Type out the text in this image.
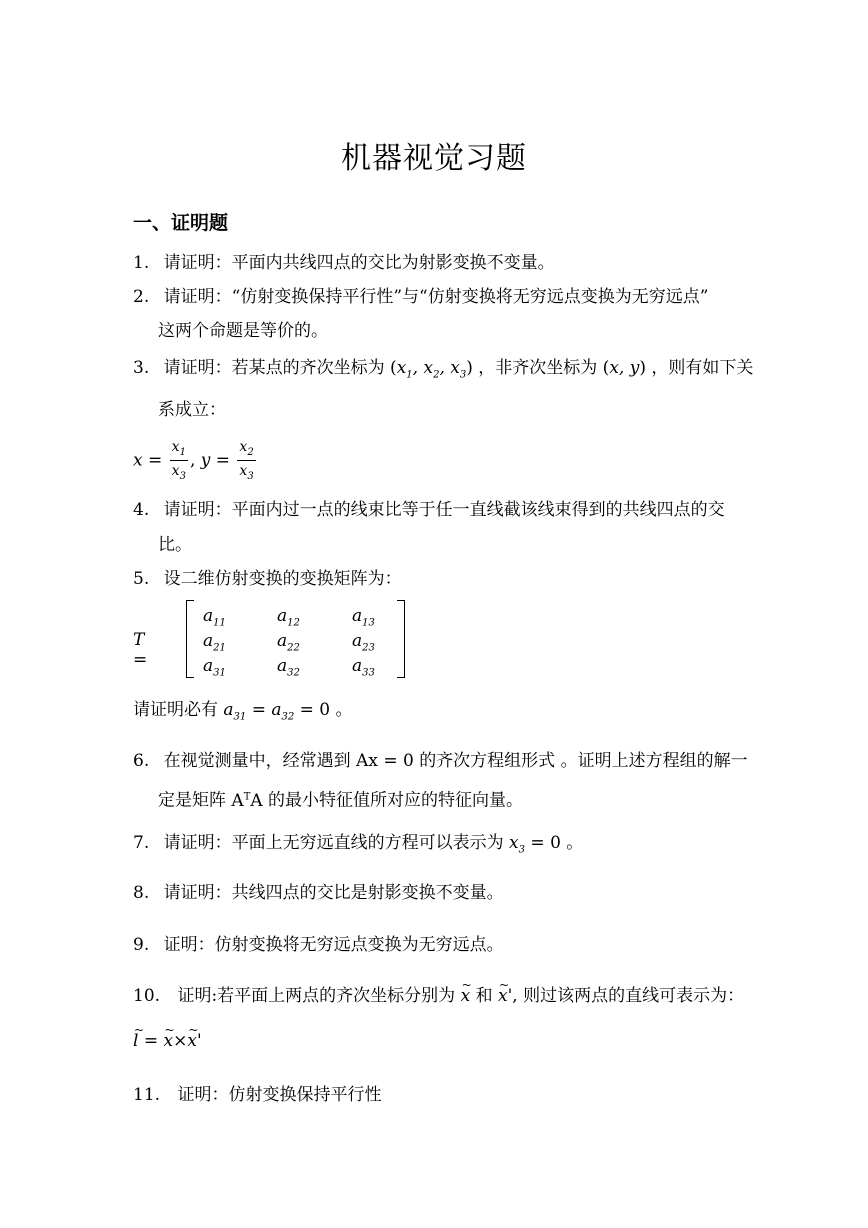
机器视觉习题
一、证明题
1. 请证明：平面内共线四点的交比为射影变换不变量。
2. 请证明：“仿射变换保持平行性”与“仿射变换将无穷远点变换为无穷远点”
这两个命题是等价的。
3. 请证明：若某点的齐次坐标为 ($x_1$, $x_2$, $x_3$) ，非齐次坐标为 (x, y) ，则有如下关
系成立：
$x = \frac{x_1}{x_3}$ , $y = \frac{x_2}{x_3}$
4. 请证明：平面内过一点的线束比等于任一直线截该线束得到的共线四点的交
比。
5. 设二维仿射变换的变换矩阵为：
T =
$a_{11}$	$a_{12}$	$a_{13}$
$a_{21}$	$a_{22}$	$a_{23}$
$a_{31}$	$a_{32}$	$a_{33}$
请证明必有 $a_{31} = a_{32} = 0$ 。
6. 在视觉测量中，经常遇到 Ax = 0 的齐次方程组形式 。证明上述方程组的解一
定是矩阵 $A^TA$ 的最小特征值所对应的特征向量。
7. 请证明：平面上无穷远直线的方程可以表示为 $x_3 = 0$ 。
8. 请证明：共线四点的交比是射影变换不变量。
9. 证明：仿射变换将无穷远点变换为无穷远点。
10. 证明:若平面上两点的齐次坐标分别为 ~ x 和 ~ x', 则过该两点的直线可表示为：
~ l = ~ x×~ x'
11. 证明：仿射变换保持平行性
